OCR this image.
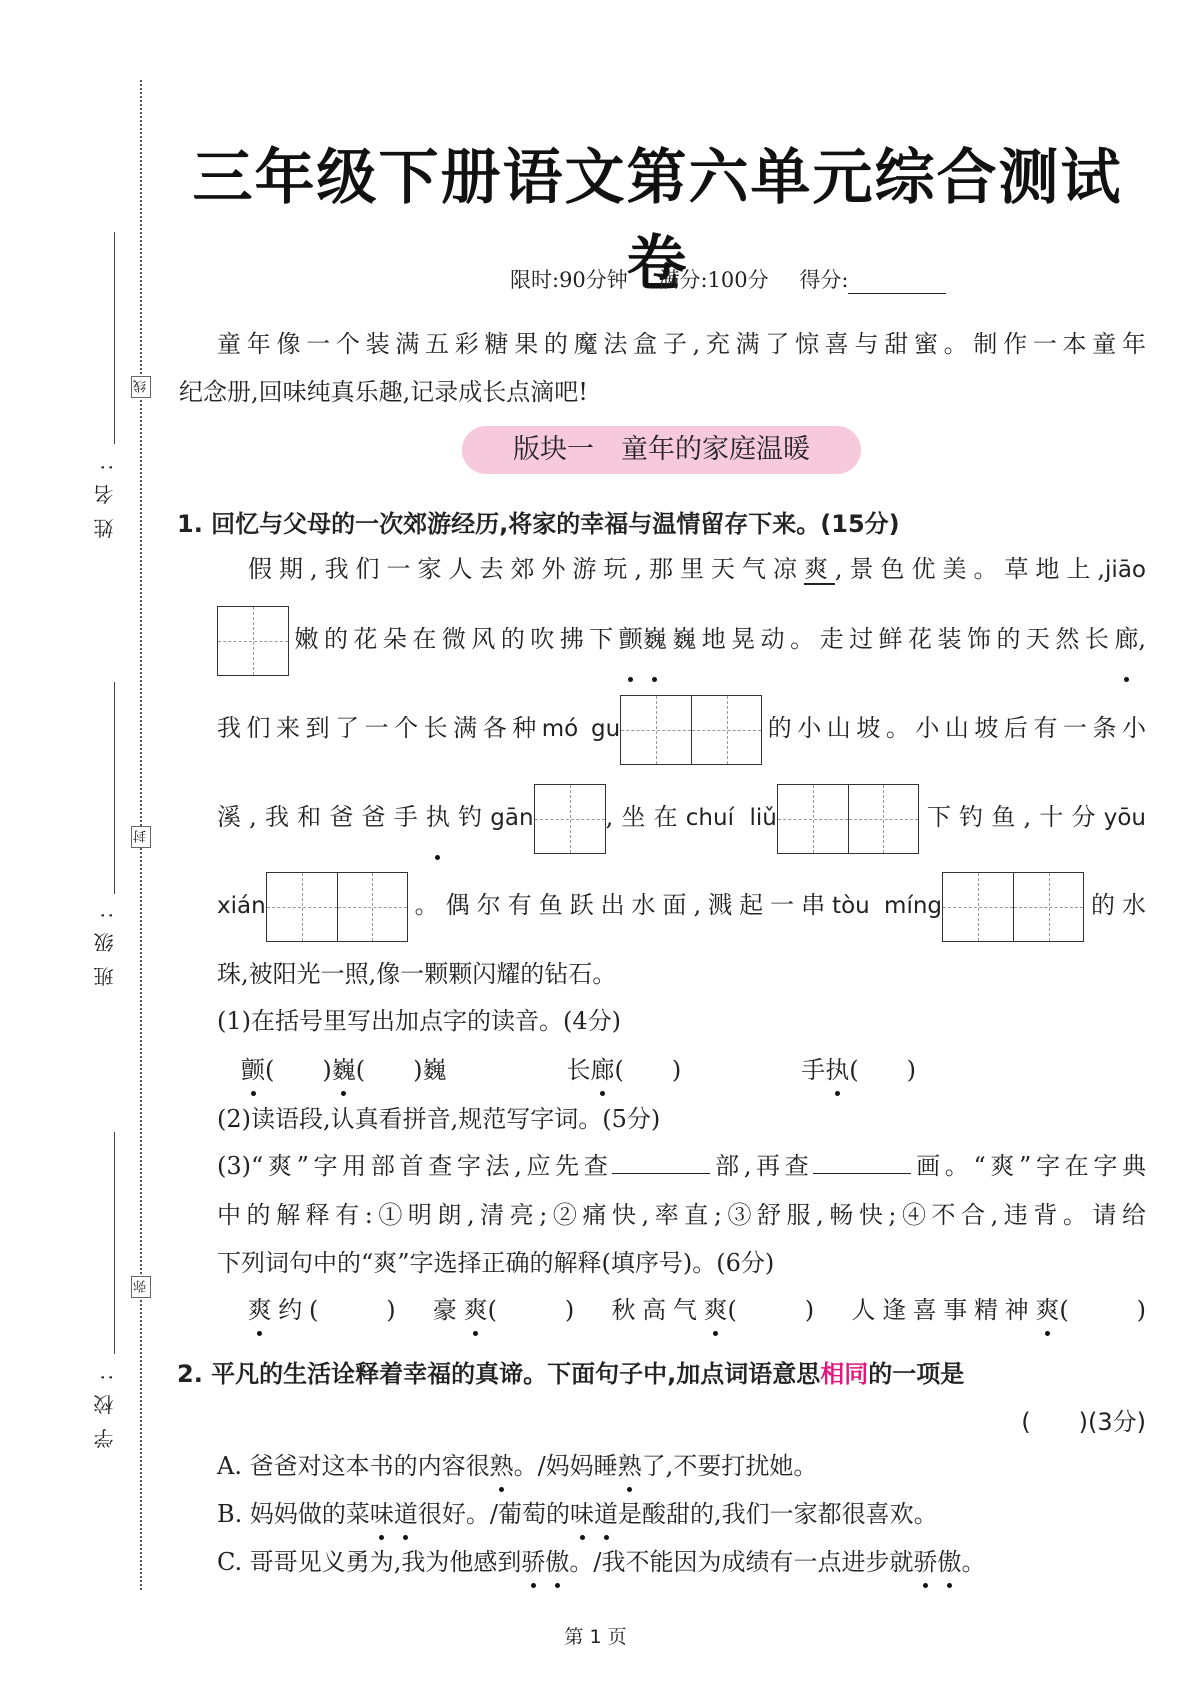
线
封
弥
姓名:
班级:
学校:
三年级下册语文第六单元综合测试卷
限时:90分钟 满分:100分 得分:
童年像一个装满五彩糖果的魔法盒子,充满了惊喜与甜蜜。制作一本童年
纪念册,回味纯真乐趣,记录成长点滴吧!
版块一　童年的家庭温暖
1. 回忆与父母的一次郊游经历,将家的幸福与温情留存下来。(15分)
　假期,我们一家人去郊外游玩,那里天气凉爽,景色优美。草地上,jiāo
嫩的花朵在微风的吹拂下颤巍巍地晃动。走过鲜花装饰的天然长廊,
我们来到了一个长满各种mó gu	的小山坡。小山坡后有一条小
溪,我和爸爸手执钓gān	,坐在chuí liǔ	下钓鱼,十分yōu
xián	。偶尔有鱼跃出水面,溅起一串tòu míng	的水
珠,被阳光一照,像一颗颗闪耀的钻石。
(1)在括号里写出加点字的读音。(4分)
　颤(　　)巍(　　)巍　　　　　长廊(　　)　　　　　手执(　　)
(2)读语段,认真看拼音,规范写字词。(5分)
(3)“爽”字用部首查字法,应先查	部,再查	画。“爽”字在字典
中的解释有:①明朗,清亮;②痛快,率直;③舒服,畅快;④不合,违背。请给
下列词句中的“爽”字选择正确的解释(填序号)。(6分)
　爽约(　　)　豪爽(　　)　秋高气爽(　　)　人逢喜事精神爽(　　)
2. 平凡的生活诠释着幸福的真谛。下面句子中,加点词语意思相同的一项是
(　　)(3分)
A. 爸爸对这本书的内容很熟。/妈妈睡熟了,不要打扰她。
B. 妈妈做的菜味道很好。/葡萄的味道是酸甜的,我们一家都很喜欢。
C. 哥哥见义勇为,我为他感到骄傲。/我不能因为成绩有一点进步就骄傲。
第 1 页
